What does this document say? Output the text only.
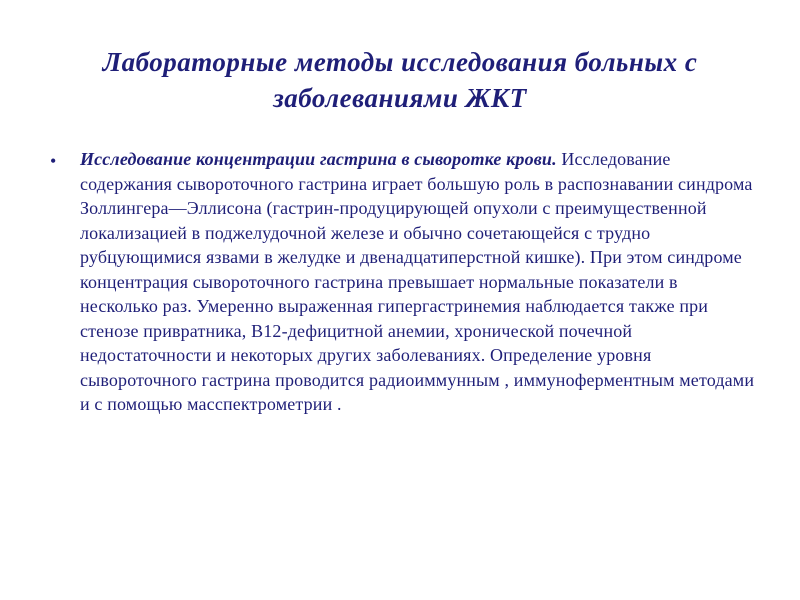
Лабораторные методы исследования больных с заболеваниями ЖКТ
• Исследование концентрации гастрина в сыворотке крови. Исследование содержания сывороточного гастрина играет большую роль в распознавании синдрома Золлингера—Эллисона (гастрин-продуцирующей опухоли с преимущественной локализацией в поджелудочной железе и обычно сочетающейся с трудно рубцующимися язвами в желудке и двенадцатиперстной кишке). При этом синдроме концентрация сывороточного гастрина превышает нормальные показатели в несколько раз. Умеренно выраженная гипергастринемия наблюдается также при стенозе привратника, В12-дефицитной анемии, хронической почечной недостаточности и некоторых других заболеваниях. Определение уровня сывороточного гастрина проводится радиоиммунным , иммуноферментным методами и с помощью масспектрометрии .
